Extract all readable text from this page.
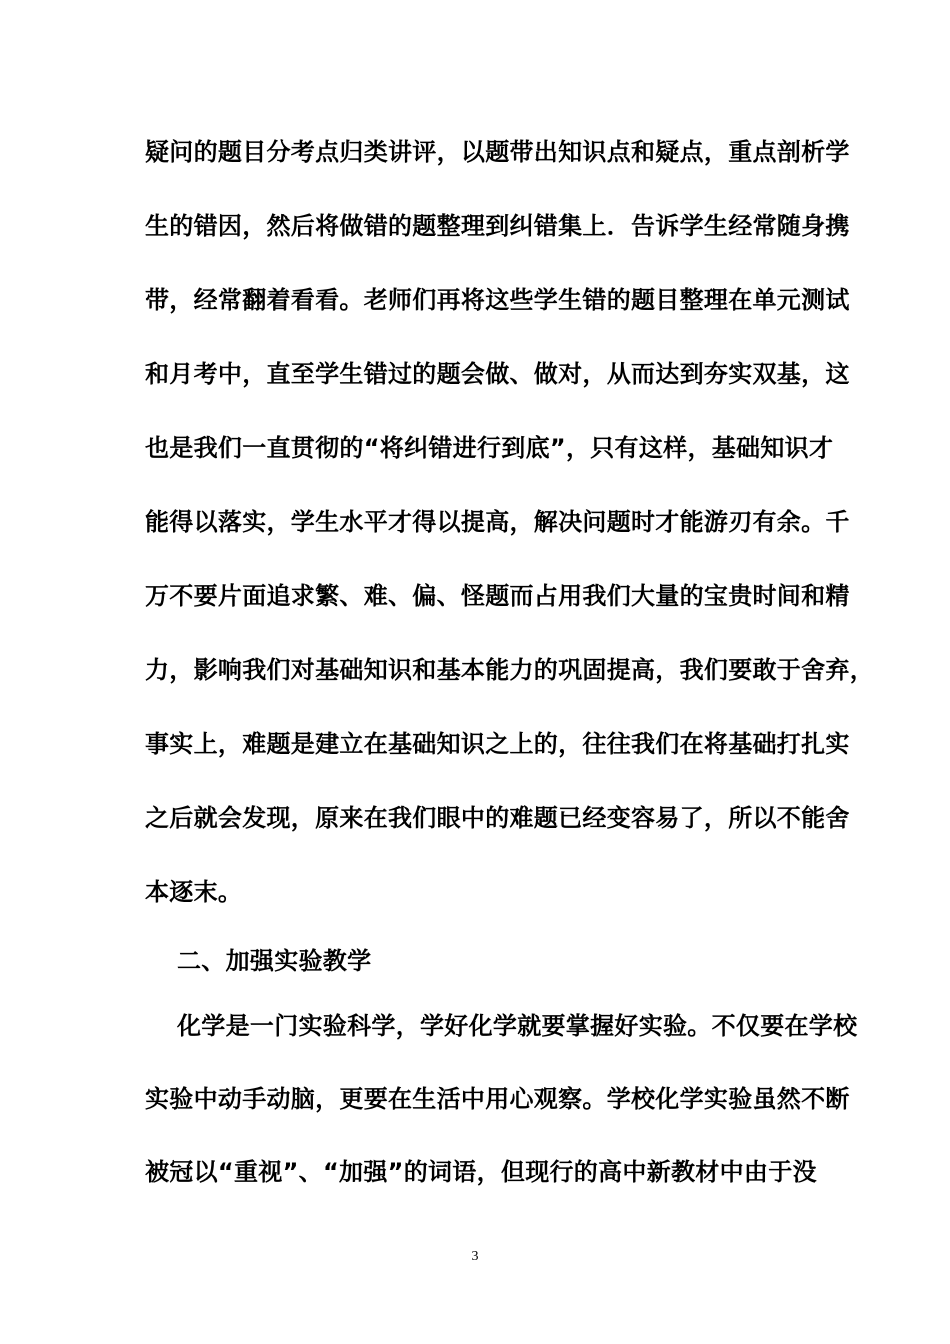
疑问的题目分考点归类讲评，以题带出知识点和疑点，重点剖析学
生的错因，然后将做错的题整理到纠错集上．告诉学生经常随身携
带，经常翻着看看。老师们再将这些学生错的题目整理在单元测试
和月考中，直至学生错过的题会做、做对，从而达到夯实双基，这
也是我们一直贯彻的“将纠错进行到底”，只有这样，基础知识才
能得以落实，学生水平才得以提高，解决问题时才能游刃有余。千
万不要片面追求繁、难、偏、怪题而占用我们大量的宝贵时间和精
力，影响我们对基础知识和基本能力的巩固提高，我们要敢于舍弃，
事实上，难题是建立在基础知识之上的，往往我们在将基础打扎实
之后就会发现，原来在我们眼中的难题已经变容易了，所以不能舍
本逐末。
二、加强实验教学
化学是一门实验科学，学好化学就要掌握好实验。不仅要在学校
实验中动手动脑，更要在生活中用心观察。学校化学实验虽然不断
被冠以“重视”、“加强”的词语，但现行的高中新教材中由于没
3
